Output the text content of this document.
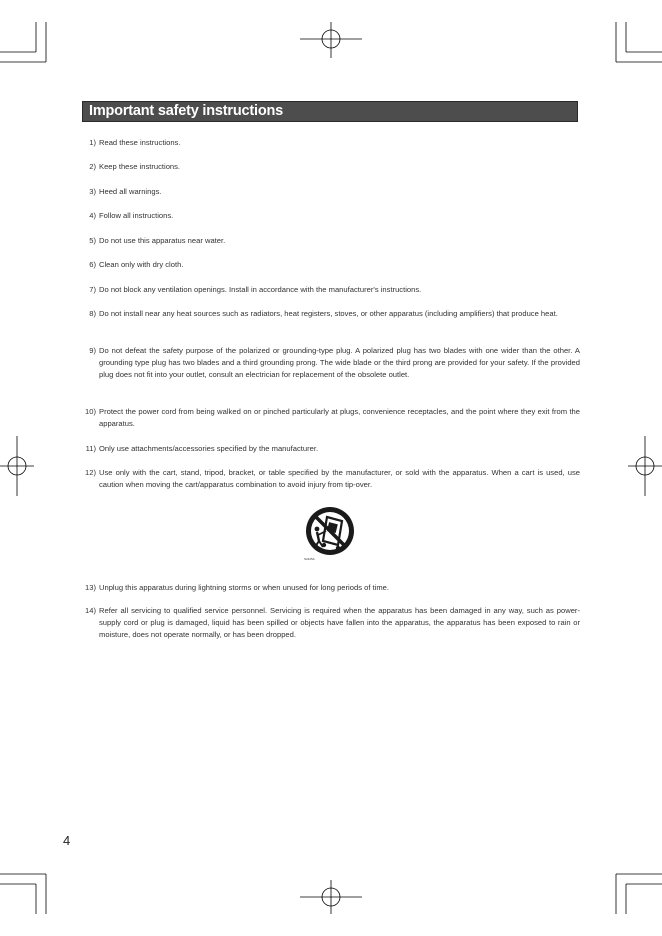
Important safety instructions
1) Read these instructions.
2) Keep these instructions.
3) Heed all warnings.
4) Follow all instructions.
5) Do not use this apparatus near water.
6) Clean only with dry cloth.
7) Do not block any ventilation openings. Install in accordance with the manufacturer's instructions.
8) Do not install near any heat sources such as radiators, heat registers, stoves, or other apparatus (including amplifiers) that produce heat.
9) Do not defeat the safety purpose of the polarized or grounding-type plug. A polarized plug has two blades with one wider than the other. A grounding type plug has two blades and a third grounding prong. The wide blade or the third prong are provided for your safety. If the provided plug does not fit into your outlet, consult an electrician for replacement of the obsolete outlet.
10) Protect the power cord from being walked on or pinched particularly at plugs, convenience receptacles, and the point where they exit from the apparatus.
11) Only use attachments/accessories specified by the manufacturer.
12) Use only with the cart, stand, tripod, bracket, or table specified by the manufacturer, or sold with the apparatus. When a cart is used, use caution when moving the cart/apparatus combination to avoid injury from tip-over.
13) Unplug this apparatus during lightning storms or when unused for long periods of time.
14) Refer all servicing to qualified service personnel. Servicing is required when the apparatus has been damaged in any way, such as power-supply cord or plug is damaged, liquid has been spilled or objects have fallen into the apparatus, the apparatus has been exposed to rain or moisture, does not operate normally, or has been dropped.
S3125A
4
